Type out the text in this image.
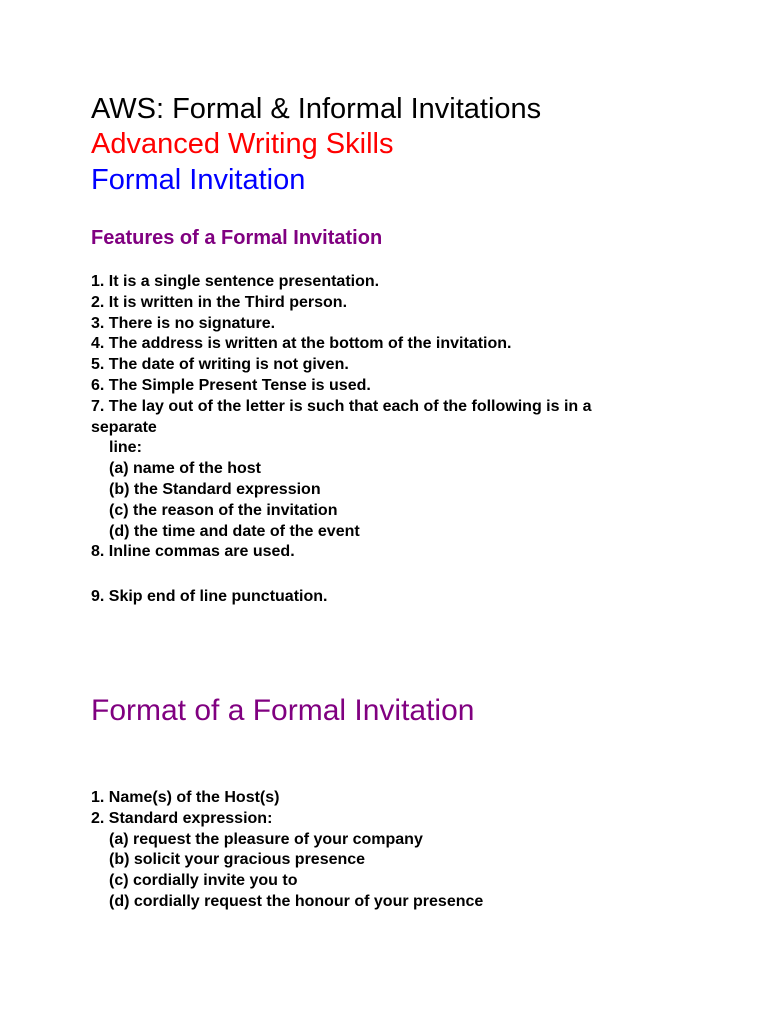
AWS: Formal & Informal Invitations
Advanced Writing Skills
Formal Invitation
Features of a Formal Invitation
1. It is a single sentence presentation.
2. It is written in the Third person.
3. There is no signature.
4. The address is written at the bottom of the invitation.
5. The date of writing is not given.
6. The Simple Present Tense is used.
7. The lay out of the letter is such that each of the following is in a
separate
line:
(a) name of the host
(b) the Standard expression
(c) the reason of the invitation
(d) the time and date of the event
8. Inline commas are used.
9. Skip end of line punctuation.
Format of a Formal Invitation
1. Name(s) of the Host(s)
2. Standard expression:
(a) request the pleasure of your company
(b) solicit your gracious presence
(c) cordially invite you to
(d) cordially request the honour of your presence
